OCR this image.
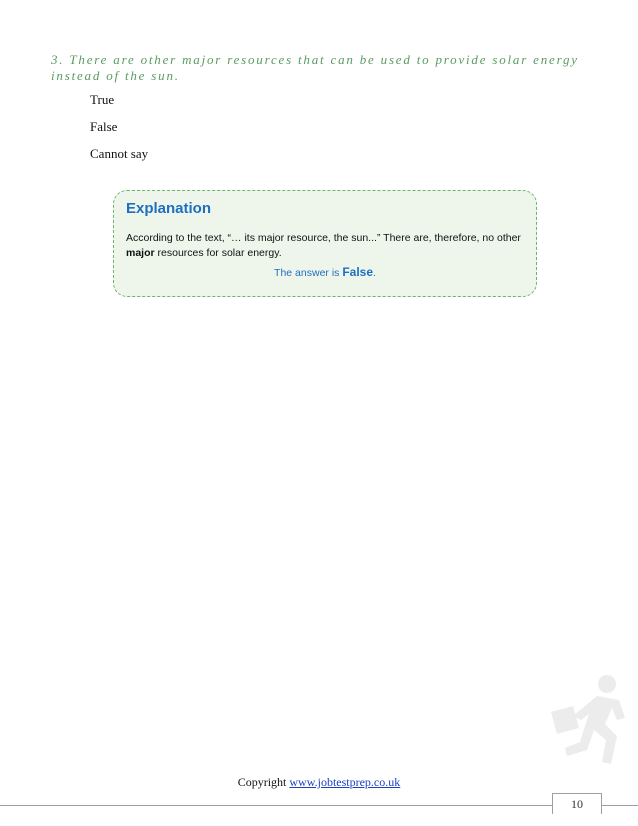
3. There are other major resources that can be used to provide solar energy instead of the sun.
True
False
Cannot say
Explanation
According to the text, “… its major resource, the sun...” There are, therefore, no other major resources for solar energy.
The answer is False.
Copyright www.jobtestprep.co.uk
10
